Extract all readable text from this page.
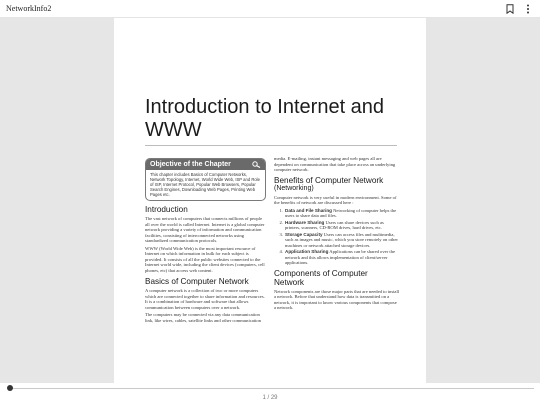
NetworkInfo2
Introduction to Internet and WWW
Objective of the Chapter
This chapter includes Basics of Computer Networks, Network Topology, Internet, World Wide Web, ISP and Role of ISP, Internet Protocol, Popular Web Browsers, Popular Search Engines, Downloading Web Pages, Printing Web Pages etc.
Introduction

The vast network of computers that connects millions of people all over the world is called Internet. Internet is a global computer network providing a variety of information and communication facilities, consisting of interconnected networks using standardized communication protocols.

WWW (World Wide Web) is the most important resource of Internet on which information in bulk for each subject is provided. It consists of all the public websites connected to the Internet world wide, including the client devices (computers, cell phones, etc) that access web content.

Basics of Computer Network

A computer network is a collection of two or more computers which are connected together to share information and resources. It is a combination of hardware and software that allows communication between computers over a network.

The computers may be connected via any data communication link, like wires, cables, satellite links and other communication

media. E-mailing, instant messaging and web pages all are dependent on communication that take place across an underlying computer network.

Benefits of Computer Network
(Networking)

Computer network is very useful in modern environment. Some of the benefits of network are discussed here :

1. Data and File Sharing Networking of computer helps the users to share data and files.
2. Hardware Sharing Users can share devices such as printers, scanners, CD-ROM drives, hard drives, etc.
3. Storage Capacity Users can access files and multimedia, such as images and music, which you store remotely on other machines or network attached storage devices.
4. Application Sharing Applications can be shared over the network and this allows implementation of client/server applications.
Components of Computer Network

Network components are those major parts that are needed to install a network. Before that understand how data is transmitted on a network, it is important to know various components that compose a network.

1 / 29
